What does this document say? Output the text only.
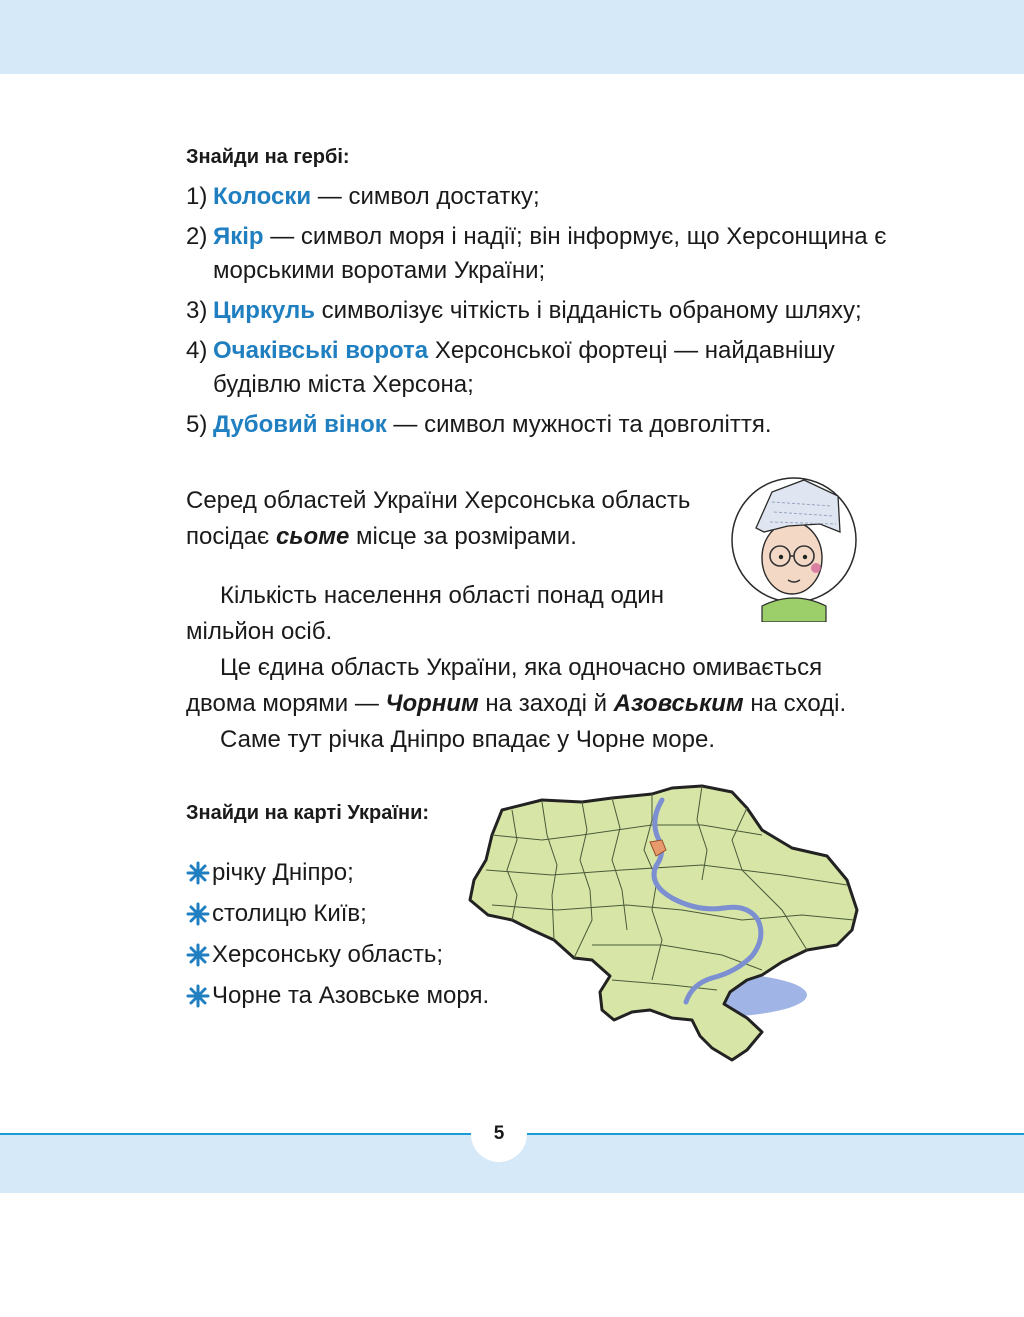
Знайди на гербі:
1) Колоски — символ достатку;
2) Якір — символ моря і надії; він інформує, що Херсонщина є морськими воротами України;
3) Циркуль символізує чіткість і відданість обраному шляху;
4) Очаківські ворота Херсонської фортеці — найдавнішу будівлю міста Херсона;
5) Дубовий вінок — символ мужності та довголіття.

Серед областей України Херсонська область посідає сьоме місце за розмірами.

Кількість населення області понад один мільйон осіб.

Це єдина область України, яка одночасно омивається двома морями — Чорним на заході й Азовським на сході.

Саме тут річка Дніпро впадає у Чорне море.

Знайди на карті України:
річку Дніпро;
столицю Київ;
Херсонську область;
Чорне та Азовське моря.
5
